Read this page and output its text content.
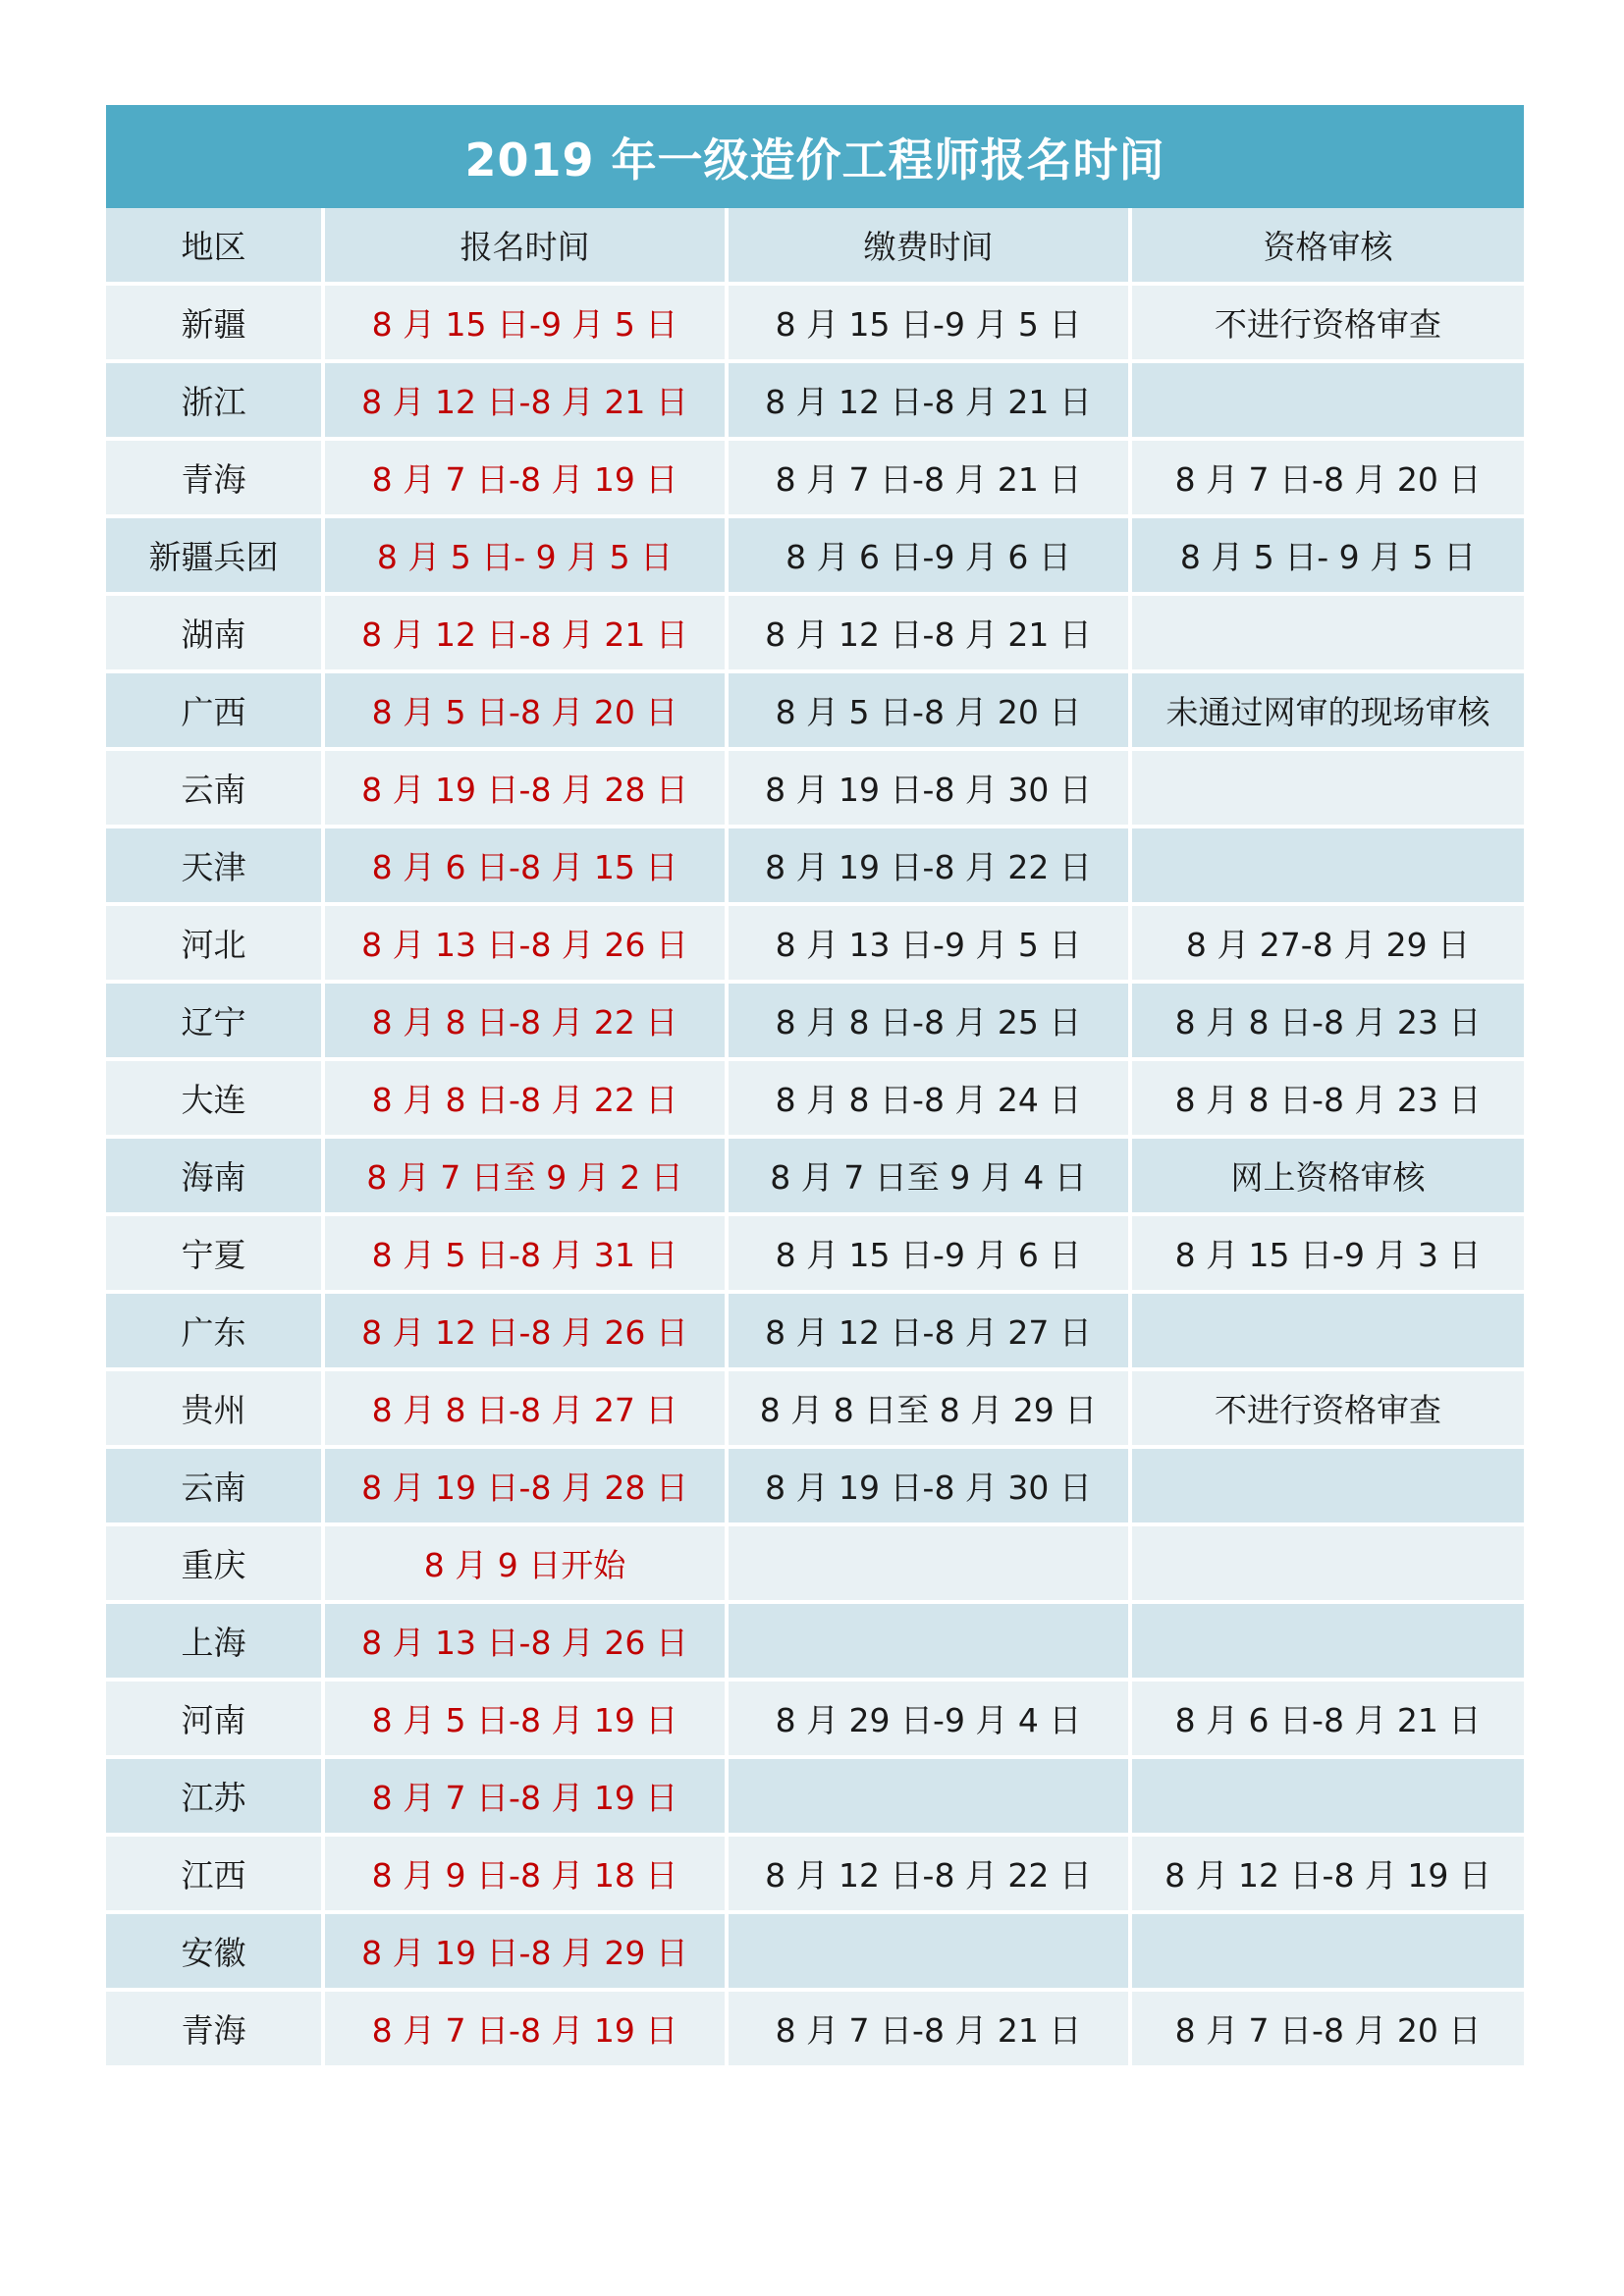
2019 年一级造价工程师报名时间
地区	报名时间	缴费时间	资格审核
新疆	8 月 15 日-9 月 5 日	8 月 15 日-9 月 5 日	不进行资格审查
浙江	8 月 12 日-8 月 21 日	8 月 12 日-8 月 21 日	
青海	8 月 7 日-8 月 19 日	8 月 7 日-8 月 21 日	8 月 7 日-8 月 20 日
新疆兵团	8 月 5 日- 9 月 5 日	8 月 6 日-9 月 6 日	8 月 5 日- 9 月 5 日
湖南	8 月 12 日-8 月 21 日	8 月 12 日-8 月 21 日	
广西	8 月 5 日-8 月 20 日	8 月 5 日-8 月 20 日	未通过网审的现场审核
云南	8 月 19 日-8 月 28 日	8 月 19 日-8 月 30 日	
天津	8 月 6 日-8 月 15 日	8 月 19 日-8 月 22 日	
河北	8 月 13 日-8 月 26 日	8 月 13 日-9 月 5 日	8 月 27-8 月 29 日
辽宁	8 月 8 日-8 月 22 日	8 月 8 日-8 月 25 日	8 月 8 日-8 月 23 日
大连	8 月 8 日-8 月 22 日	8 月 8 日-8 月 24 日	8 月 8 日-8 月 23 日
海南	8 月 7 日至 9 月 2 日	8 月 7 日至 9 月 4 日	网上资格审核
宁夏	8 月 5 日-8 月 31 日	8 月 15 日-9 月 6 日	8 月 15 日-9 月 3 日
广东	8 月 12 日-8 月 26 日	8 月 12 日-8 月 27 日	
贵州	8 月 8 日-8 月 27 日	8 月 8 日至 8 月 29 日	不进行资格审查
云南	8 月 19 日-8 月 28 日	8 月 19 日-8 月 30 日	
重庆	8 月 9 日开始		
上海	8 月 13 日-8 月 26 日		
河南	8 月 5 日-8 月 19 日	8 月 29 日-9 月 4 日	8 月 6 日-8 月 21 日
江苏	8 月 7 日-8 月 19 日		
江西	8 月 9 日-8 月 18 日	8 月 12 日-8 月 22 日	8 月 12 日-8 月 19 日
安徽	8 月 19 日-8 月 29 日		
青海	8 月 7 日-8 月 19 日	8 月 7 日-8 月 21 日	8 月 7 日-8 月 20 日
